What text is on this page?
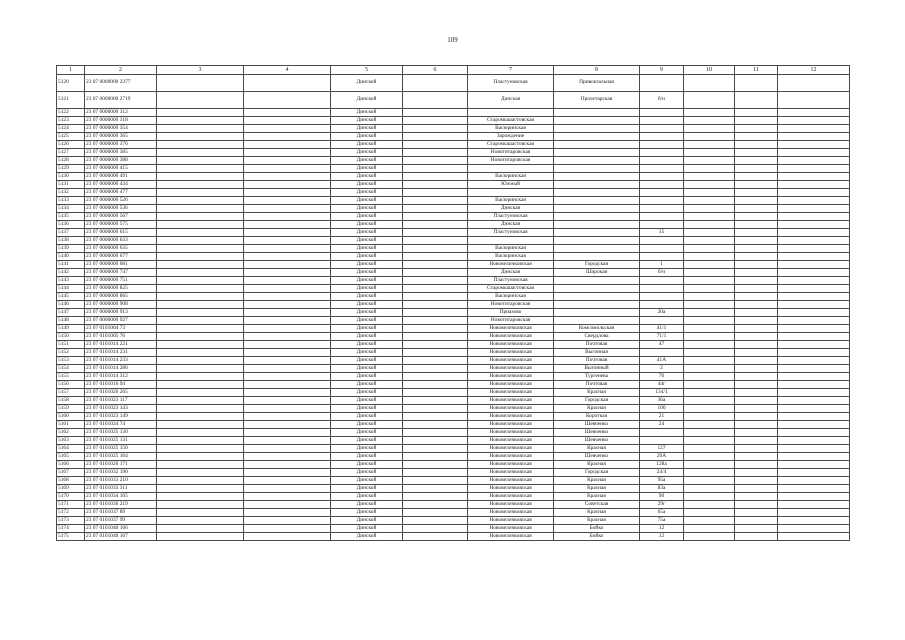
109
1	2	3	4	5	6	7	8	9	10	11	12
5120	23 07 0000000 2377			Динской		Пластуновская	Привокзальная				
5121	23 07 0000000 2719			Динской		Динская	Пролетарская	б/н			
5122	23 07 0000000 312			Динской							
5123	23 07 0000000 318			Динской		Старомышастовская					
5124	23 07 0000000 354			Динской		Васюринская					
5125	23 07 0000000 365			Динской		Зарождение					
5126	23 07 0000000 376			Динской		Старомышастовская					
5127	23 07 0000000 385			Динской		Новотитаровская					
5128	23 07 0000000 388			Динской		Новотитаровская					
5129	23 07 0000000 415			Динской							
5130	23 07 0000000 491			Динской		Васюринская					
5131	23 07 0000000 434			Динской		Южный					
5132	23 07 0000000 477			Динской							
5133	23 07 0000000 526			Динской		Васюринская					
5134	23 07 0000000 536			Динской		Динская					
5135	23 07 0000000 567			Динской		Пластуновская					
5136	23 07 0000000 575			Динской		Динская					
5137	23 07 0000000 615			Динской		Пластуновская		15			
5138	23 07 0000000 633			Динской							
5139	23 07 0000000 635			Динской		Васюринская					
5140	23 07 0000000 677			Динской		Васюринская					
5141	23 07 0000000 681			Динской		Нововеличковская	Городская	1			
5142	23 07 0000000 747			Динской		Динская	Широкая	б/н			
5143	23 07 0000000 751			Динской		Пластуновская					
5144	23 07 0000000 825			Динской		Старомышастовская					
5145	23 07 0000000 865			Динской		Васюринская					
5146	23 07 0000000 908			Динской		Новотитаровская					
5147	23 07 0000000 913			Динской		Приазово		20а			
5148	23 07 0000000 927			Динской		Новотитаровская					
5149	23 07 0101004 73			Динской		Нововеличковская	Комсомольская	41/1			
5150	23 07 0101005 76			Динской		Нововеличковская	Свердлова	71/1			
5151	23 07 0101014 221			Динской		Нововеличковская	Почтовая	47			
5152	23 07 0101014 231			Динской		Нововеличковская	Выгонная				
5153	23 07 0101014 233			Динской		Нововеличковская	Почтовая	41А			
5154	23 07 0101014 286			Динской		Нововеличковская	Выгонный	2			
5155	23 07 0101014 312			Динской		Нововеличковская	Тургенева	76			
5156	23 07 0101016 94			Динской		Нововеличковская	Почтовая	44г			
5157	23 07 0101020 265			Динской		Нововеличковская	Красная	134/1			
5158	23 07 0101023 117			Динской		Нововеличковская	Городская	36а			
5159	23 07 0101023 143			Динской		Нововеличковская	Красная	100			
5160	23 07 0101023 149			Динской		Нововеличковская	Короткая	21			
5161	23 07 0101024 74			Динской		Нововеличковская	Шевченко	24			
5162	23 07 0101025 130			Динской		Нововеличковская	Шевченко				
5163	23 07 0101025 131			Динской		Нововеличковская	Шевченко				
5164	23 07 0101025 150			Динской		Нововеличковская	Красная	127			
5165	23 07 0101025 164			Динской		Нововеличковская	Шевченко	20А			
5166	23 07 0101026 171			Динской		Нововеличковская	Красная	128а			
5167	23 07 0101032 190			Динской		Нововеличковская	Городская	24/4			
5168	23 07 0101033 210			Динской		Нововеличковская	Красная	95а			
5169	23 07 0101033 311			Динской		Нововеличковская	Красная	83а			
5170	23 07 0101034 105			Динской		Нововеличковская	Красная	90			
5171	23 07 0101036 219			Динской		Нововеличковская	Советская	29г			
5172	23 07 0101037 89			Динской		Нововеличковская	Красная	65а			
5173	23 07 0101037 99			Динской		Нововеличковская	Красная	75а			
5174	23 07 0101040 166			Динской		Нововеличковская	Бойко	12			
5175	23 07 0101040 167			Динской		Нововеличковская	Бойко	12			
